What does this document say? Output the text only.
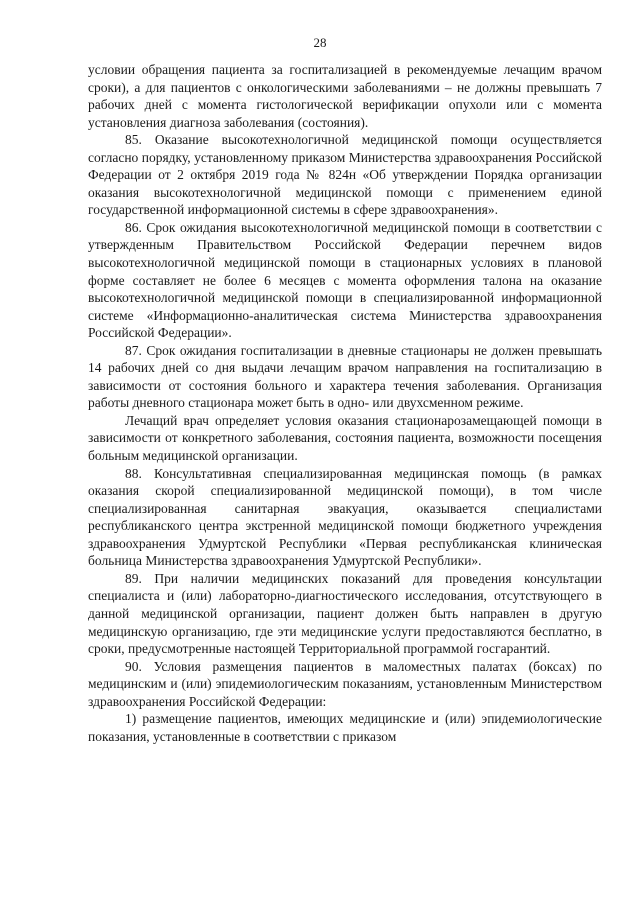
28

условии обращения пациента за госпитализацией в рекомендуемые лечащим врачом сроки), а для пациентов с онкологическими заболеваниями – не должны превышать 7 рабочих дней с момента гистологической верификации опухоли или с момента установления диагноза заболевания (состояния).

85. Оказание высокотехнологичной медицинской помощи осуществляется согласно порядку, установленному приказом Министерства здравоохранения Российской Федерации от 2 октября 2019 года № 824н «Об утверждении Порядка организации оказания высокотехнологичной медицинской помощи с применением единой государственной информационной системы в сфере здравоохранения».

86. Срок ожидания высокотехнологичной медицинской помощи в соответствии с утвержденным Правительством Российской Федерации перечнем видов высокотехнологичной медицинской помощи в стационарных условиях в плановой форме составляет не более 6 месяцев с момента оформления талона на оказание высокотехнологичной медицинской помощи в специализированной информационной системе «Информационно-аналитическая система Министерства здравоохранения Российской Федерации».

87. Срок ожидания госпитализации в дневные стационары не должен превышать 14 рабочих дней со дня выдачи лечащим врачом направления на госпитализацию в зависимости от состояния больного и характера течения заболевания. Организация работы дневного стационара может быть в одно- или двухсменном режиме.

Лечащий врач определяет условия оказания стационарозамещающей помощи в зависимости от конкретного заболевания, состояния пациента, возможности посещения больным медицинской организации.

88. Консультативная специализированная медицинская помощь (в рамках оказания скорой специализированной медицинской помощи), в том числе специализированная санитарная эвакуация, оказывается специалистами республиканского центра экстренной медицинской помощи бюджетного учреждения здравоохранения Удмуртской Республики «Первая республиканская клиническая больница Министерства здравоохранения Удмуртской Республики».

89. При наличии медицинских показаний для проведения консультации специалиста и (или) лабораторно-диагностического исследования, отсутствующего в данной медицинской организации, пациент должен быть направлен в другую медицинскую организацию, где эти медицинские услуги предоставляются бесплатно, в сроки, предусмотренные настоящей Территориальной программой госгарантий.

90. Условия размещения пациентов в маломестных палатах (боксах) по медицинским и (или) эпидемиологическим показаниям, установленным Министерством здравоохранения Российской Федерации:

1) размещение пациентов, имеющих медицинские и (или) эпидемиологические показания, установленные в соответствии с приказом
